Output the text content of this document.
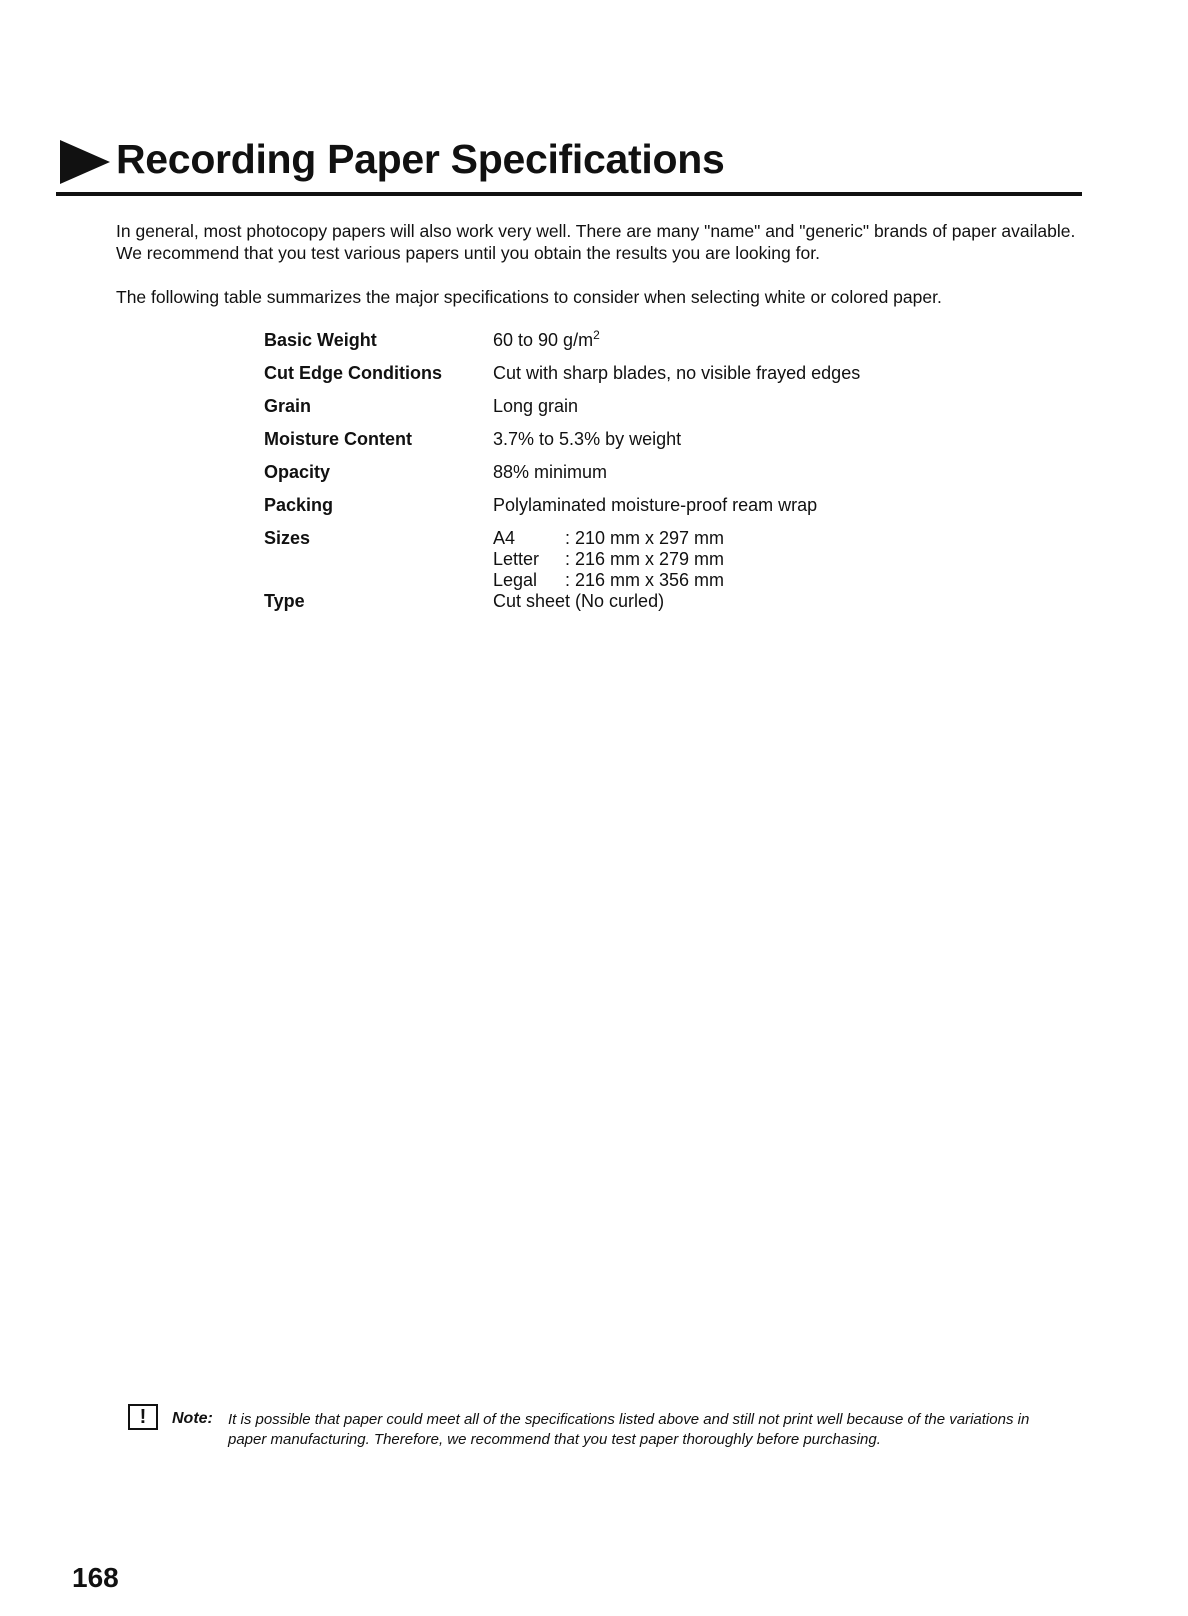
Recording Paper Specifications

In general, most photocopy papers will also work very well. There are many "name" and "generic" brands of paper available. We recommend that you test various papers until you obtain the results you are looking for.

The following table summarizes the major specifications to consider when selecting white or colored paper.

Basic Weight	60 to 90 $g/m^2$
Cut Edge Conditions	Cut with sharp blades, no visible frayed edges
Grain	Long grain
Moisture Content	3.7% to 5.3% by weight
Opacity	88% minimum
Packing	Polylaminated moisture-proof ream wrap
Sizes	A4 : 210 mm x 297 mm
Letter : 216 mm x 279 mm
Legal : 216 mm x 356 mm

Type	Cut sheet (No curled)
!	Note: It is possible that paper could meet all of the specifications listed above and still not print well because of the variations in paper manufacturing. Therefore, we recommend that you test paper thoroughly before purchasing.
168
